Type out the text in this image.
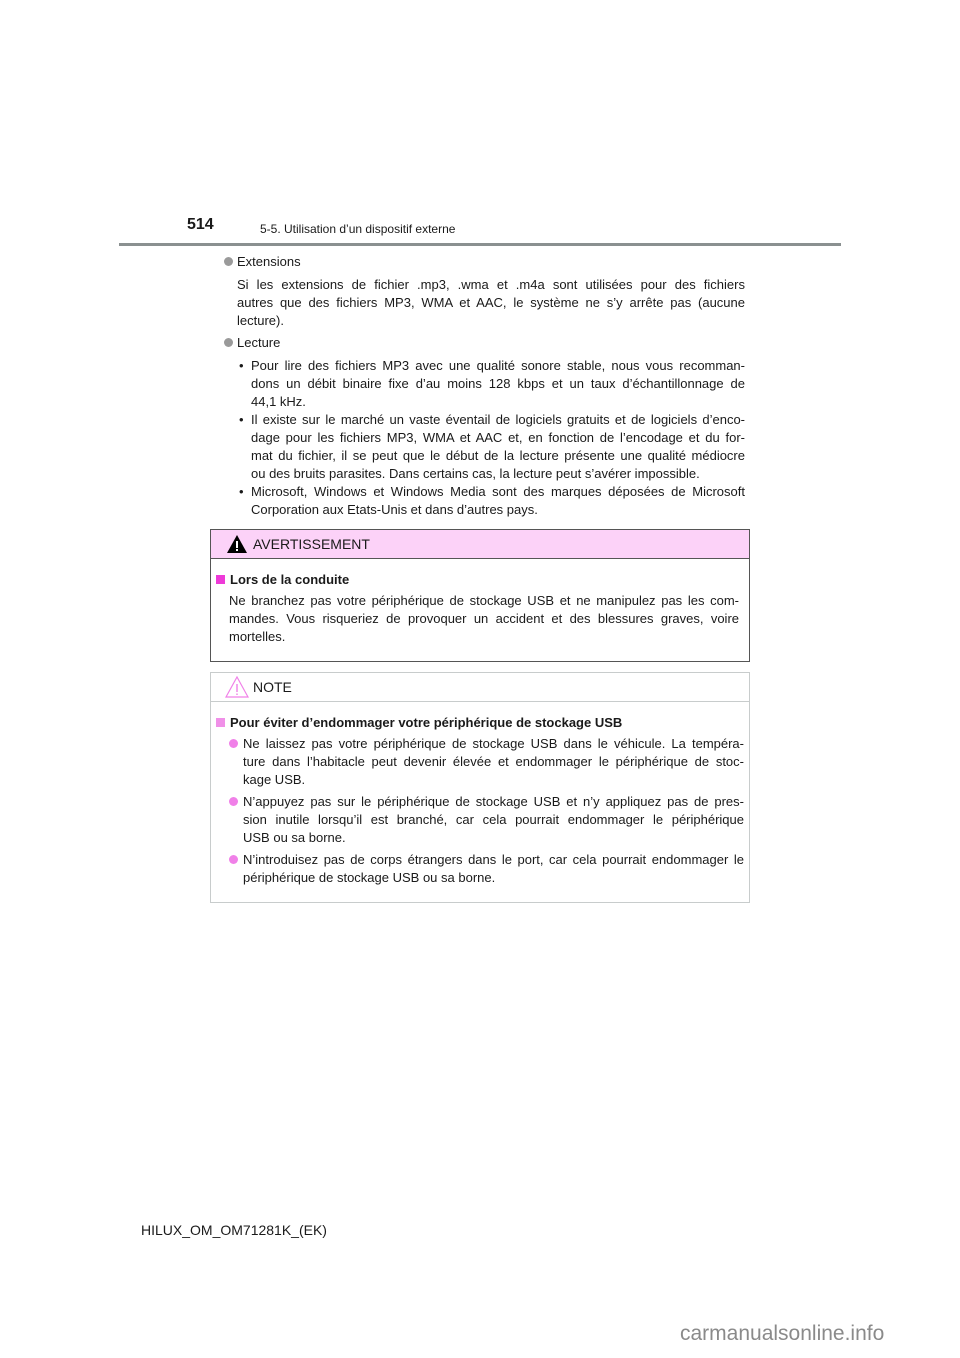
514	5-5. Utilisation d’un dispositif externe
Extensions
Si les extensions de fichier .mp3, .wma et .m4a sont utilisées pour des fichiers
autres que des fichiers MP3, WMA et AAC, le système ne s’y arrête pas (aucune
lecture).
Lecture
• Pour lire des fichiers MP3 avec une qualité sonore stable, nous vous recomman-
dons un débit binaire fixe d’au moins 128 kbps et un taux d’échantillonnage de
44,1 kHz.
• Il existe sur le marché un vaste éventail de logiciels gratuits et de logiciels d’enco-
dage pour les fichiers MP3, WMA et AAC et, en fonction de l’encodage et du for-
mat du fichier, il se peut que le début de la lecture présente une qualité médiocre
ou des bruits parasites. Dans certains cas, la lecture peut s’avérer impossible.
• Microsoft, Windows et Windows Media sont des marques déposées de Microsoft
Corporation aux Etats-Unis et dans d’autres pays.
AVERTISSEMENT
Lors de la conduite
Ne branchez pas votre périphérique de stockage USB et ne manipulez pas les com-
mandes. Vous risqueriez de provoquer un accident et des blessures graves, voire
mortelles.
NOTE
Pour éviter d’endommager votre périphérique de stockage USB
Ne laissez pas votre périphérique de stockage USB dans le véhicule. La tempéra-
ture dans l’habitacle peut devenir élevée et endommager le périphérique de stoc-
kage USB.
N’appuyez pas sur le périphérique de stockage USB et n’y appliquez pas de pres-
sion inutile lorsqu’il est branché, car cela pourrait endommager le périphérique
USB ou sa borne.
N’introduisez pas de corps étrangers dans le port, car cela pourrait endommager le
périphérique de stockage USB ou sa borne.
HILUX_OM_OM71281K_(EK)
carmanualsonline.info
